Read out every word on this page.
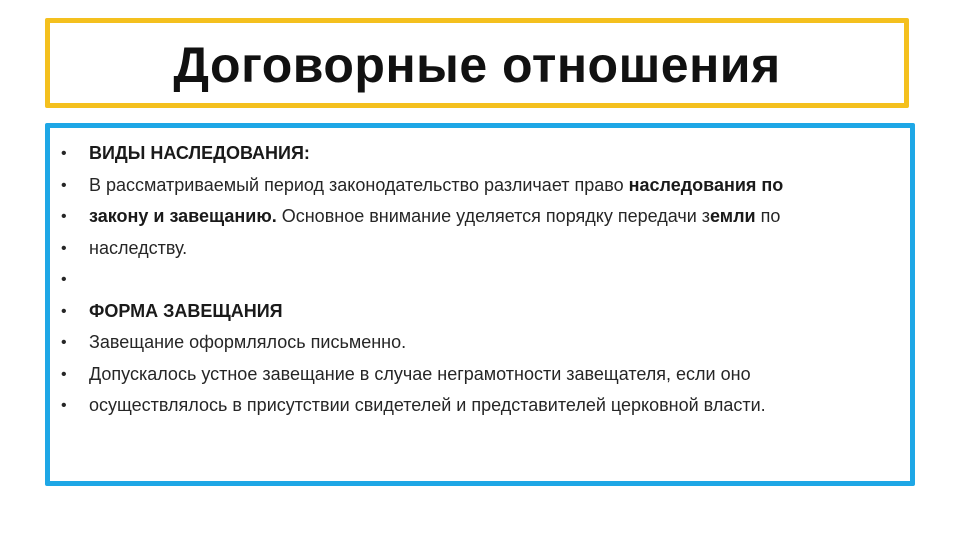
Договорные отношения
• ВИДЫ НАСЛЕДОВАНИЯ:
• В рассматриваемый период законодательство различает право наследования по
• закону и завещанию. Основное внимание уделяется порядку передачи земли по
• наследству.
•
• ФОРМА ЗАВЕЩАНИЯ
• Завещание оформлялось письменно.
• Допускалось устное завещание в случае неграмотности завещателя, если оно
• осуществлялось в присутствии свидетелей и представителей церковной власти.
